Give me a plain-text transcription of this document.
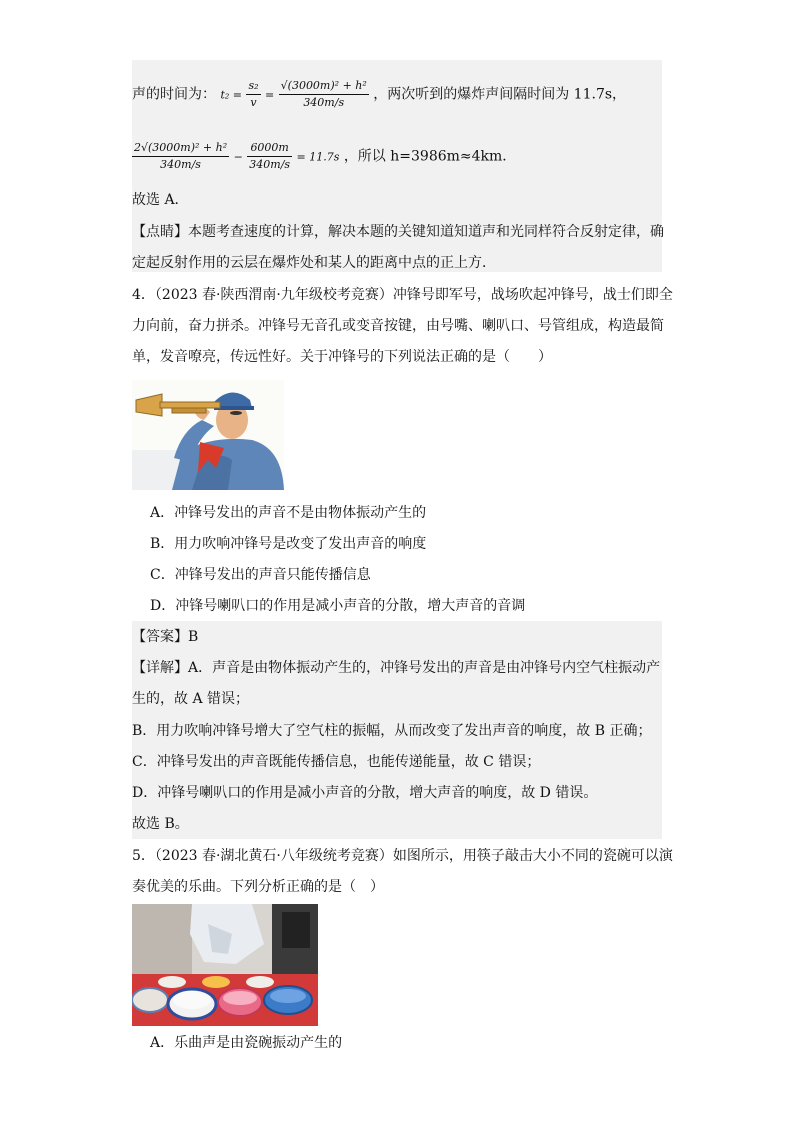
声的时间为： $t_2 = \frac{\text{s₂}}{v} = \frac{\text{√(3000m)² + h²}}{340m/s}$ ，两次听到的爆炸声间隔时间为 11.7s，
$\frac{\text{2√(3000m)² + h²}}{340m/s} - \frac{6000m}{340m/s} = 11.7s$ ，所以 h=3986m≈4km．
故选 A．
【点睛】本题考查速度的计算，解决本题的关键知道知道声和光同样符合反射定律，确
定起反射作用的云层在爆炸处和某人的距离中点的正上方．
4．（2023 春·陕西渭南·九年级校考竞赛）冲锋号即军号，战场吹起冲锋号，战士们即全
力向前，奋力拼杀。冲锋号无音孔或变音按键，由号嘴、喇叭口、号管组成，构造最简
单，发音嘹亮，传远性好。关于冲锋号的下列说法正确的是（　　）
A．冲锋号发出的声音不是由物体振动产生的
B．用力吹响冲锋号是改变了发出声音的响度
C．冲锋号发出的声音只能传播信息
D．冲锋号喇叭口的作用是减小声音的分散，增大声音的音调
【答案】B
【详解】A．声音是由物体振动产生的，冲锋号发出的声音是由冲锋号内空气柱振动产
生的，故 A 错误；
B．用力吹响冲锋号增大了空气柱的振幅，从而改变了发出声音的响度，故 B 正确；
C．冲锋号发出的声音既能传播信息，也能传递能量，故 C 错误；
D．冲锋号喇叭口的作用是减小声音的分散，增大声音的响度，故 D 错误。
故选 B。
5．（2023 春·湖北黄石·八年级统考竞赛）如图所示，用筷子敲击大小不同的瓷碗可以演
奏优美的乐曲。下列分析正确的是（　）
A．乐曲声是由瓷碗振动产生的
